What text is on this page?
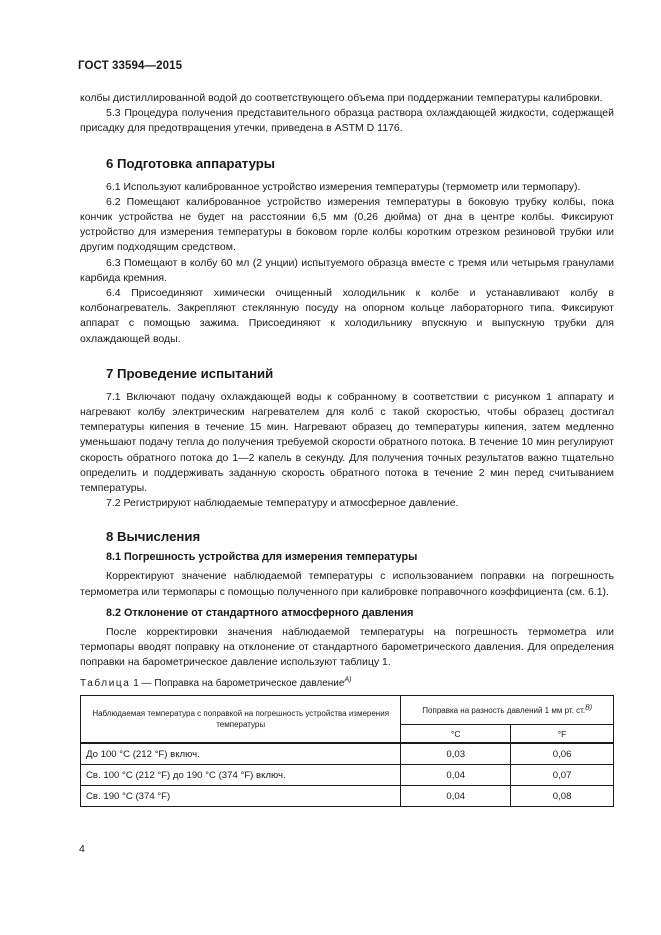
ГОСТ 33594—2015

колбы дистиллированной водой до соответствующего объема при поддержании температуры калибровки.

5.3 Процедура получения представительного образца раствора охлаждающей жидкости, содержащей присадку для предотвращения утечки, приведена в ASTM D 1176.

6 Подготовка аппаратуры

6.1 Используют калиброванное устройство измерения температуры (термометр или термопару).

6.2 Помещают калиброванное устройство измерения температуры в боковую трубку колбы, пока кончик устройства не будет на расстоянии 6,5 мм (0,26 дюйма) от дна в центре колбы. Фиксируют устройство для измерения температуры в боковом горле колбы коротким отрезком резиновой трубки или другим подходящим средством.

6.3 Помещают в колбу 60 мл (2 унции) испытуемого образца вместе с тремя или четырьмя гранулами карбида кремния.

6.4 Присоединяют химически очищенный холодильник к колбе и устанавливают колбу в колбонагреватель. Закрепляют стеклянную посуду на опорном кольце лабораторного типа. Фиксируют аппарат с помощью зажима. Присоединяют к холодильнику впускную и выпускную трубки для охлаждающей воды.

7 Проведение испытаний

7.1 Включают подачу охлаждающей воды к собранному в соответствии с рисунком 1 аппарату и нагревают колбу электрическим нагревателем для колб с такой скоростью, чтобы образец достигал температуры кипения в течение 15 мин. Нагревают образец до температуры кипения, затем медленно уменьшают подачу тепла до получения требуемой скорости обратного потока. В течение 10 мин регулируют скорость обратного потока до 1—2 капель в секунду. Для получения точных результатов важно тщательно определить и поддерживать заданную скорость обратного потока в течение 2 мин перед считыванием температуры.

7.2 Регистрируют наблюдаемые температуру и атмосферное давление.

8 Вычисления

8.1 Погрешность устройства для измерения температуры

Корректируют значение наблюдаемой температуры с использованием поправки на погрешность термометра или термопары с помощью полученного при калибровке поправочного коэффициента (см. 6.1).

8.2 Отклонение от стандартного атмосферного давления

После корректировки значения наблюдаемой температуры на погрешность термометра или термопары вводят поправку на отклонение от стандартного барометрического давления. Для определения поправки на барометрическое давление используют таблицу 1.

Таблица 1 — Поправка на барометрическое давление$^{A)}$

Наблюдаемая температура с поправкой на погрешность устройства измерения температуры	Поправка на разность давлений 1 мм рт. ст.$^{B)}$
	°C	°F
До 100 °C (212 °F) включ.	0,03	0,06
Св. 100 °C (212 °F) до 190 °C (374 °F) включ.	0,04	0,07
Св. 190 °C (374 °F)	0,04	0,08
4
